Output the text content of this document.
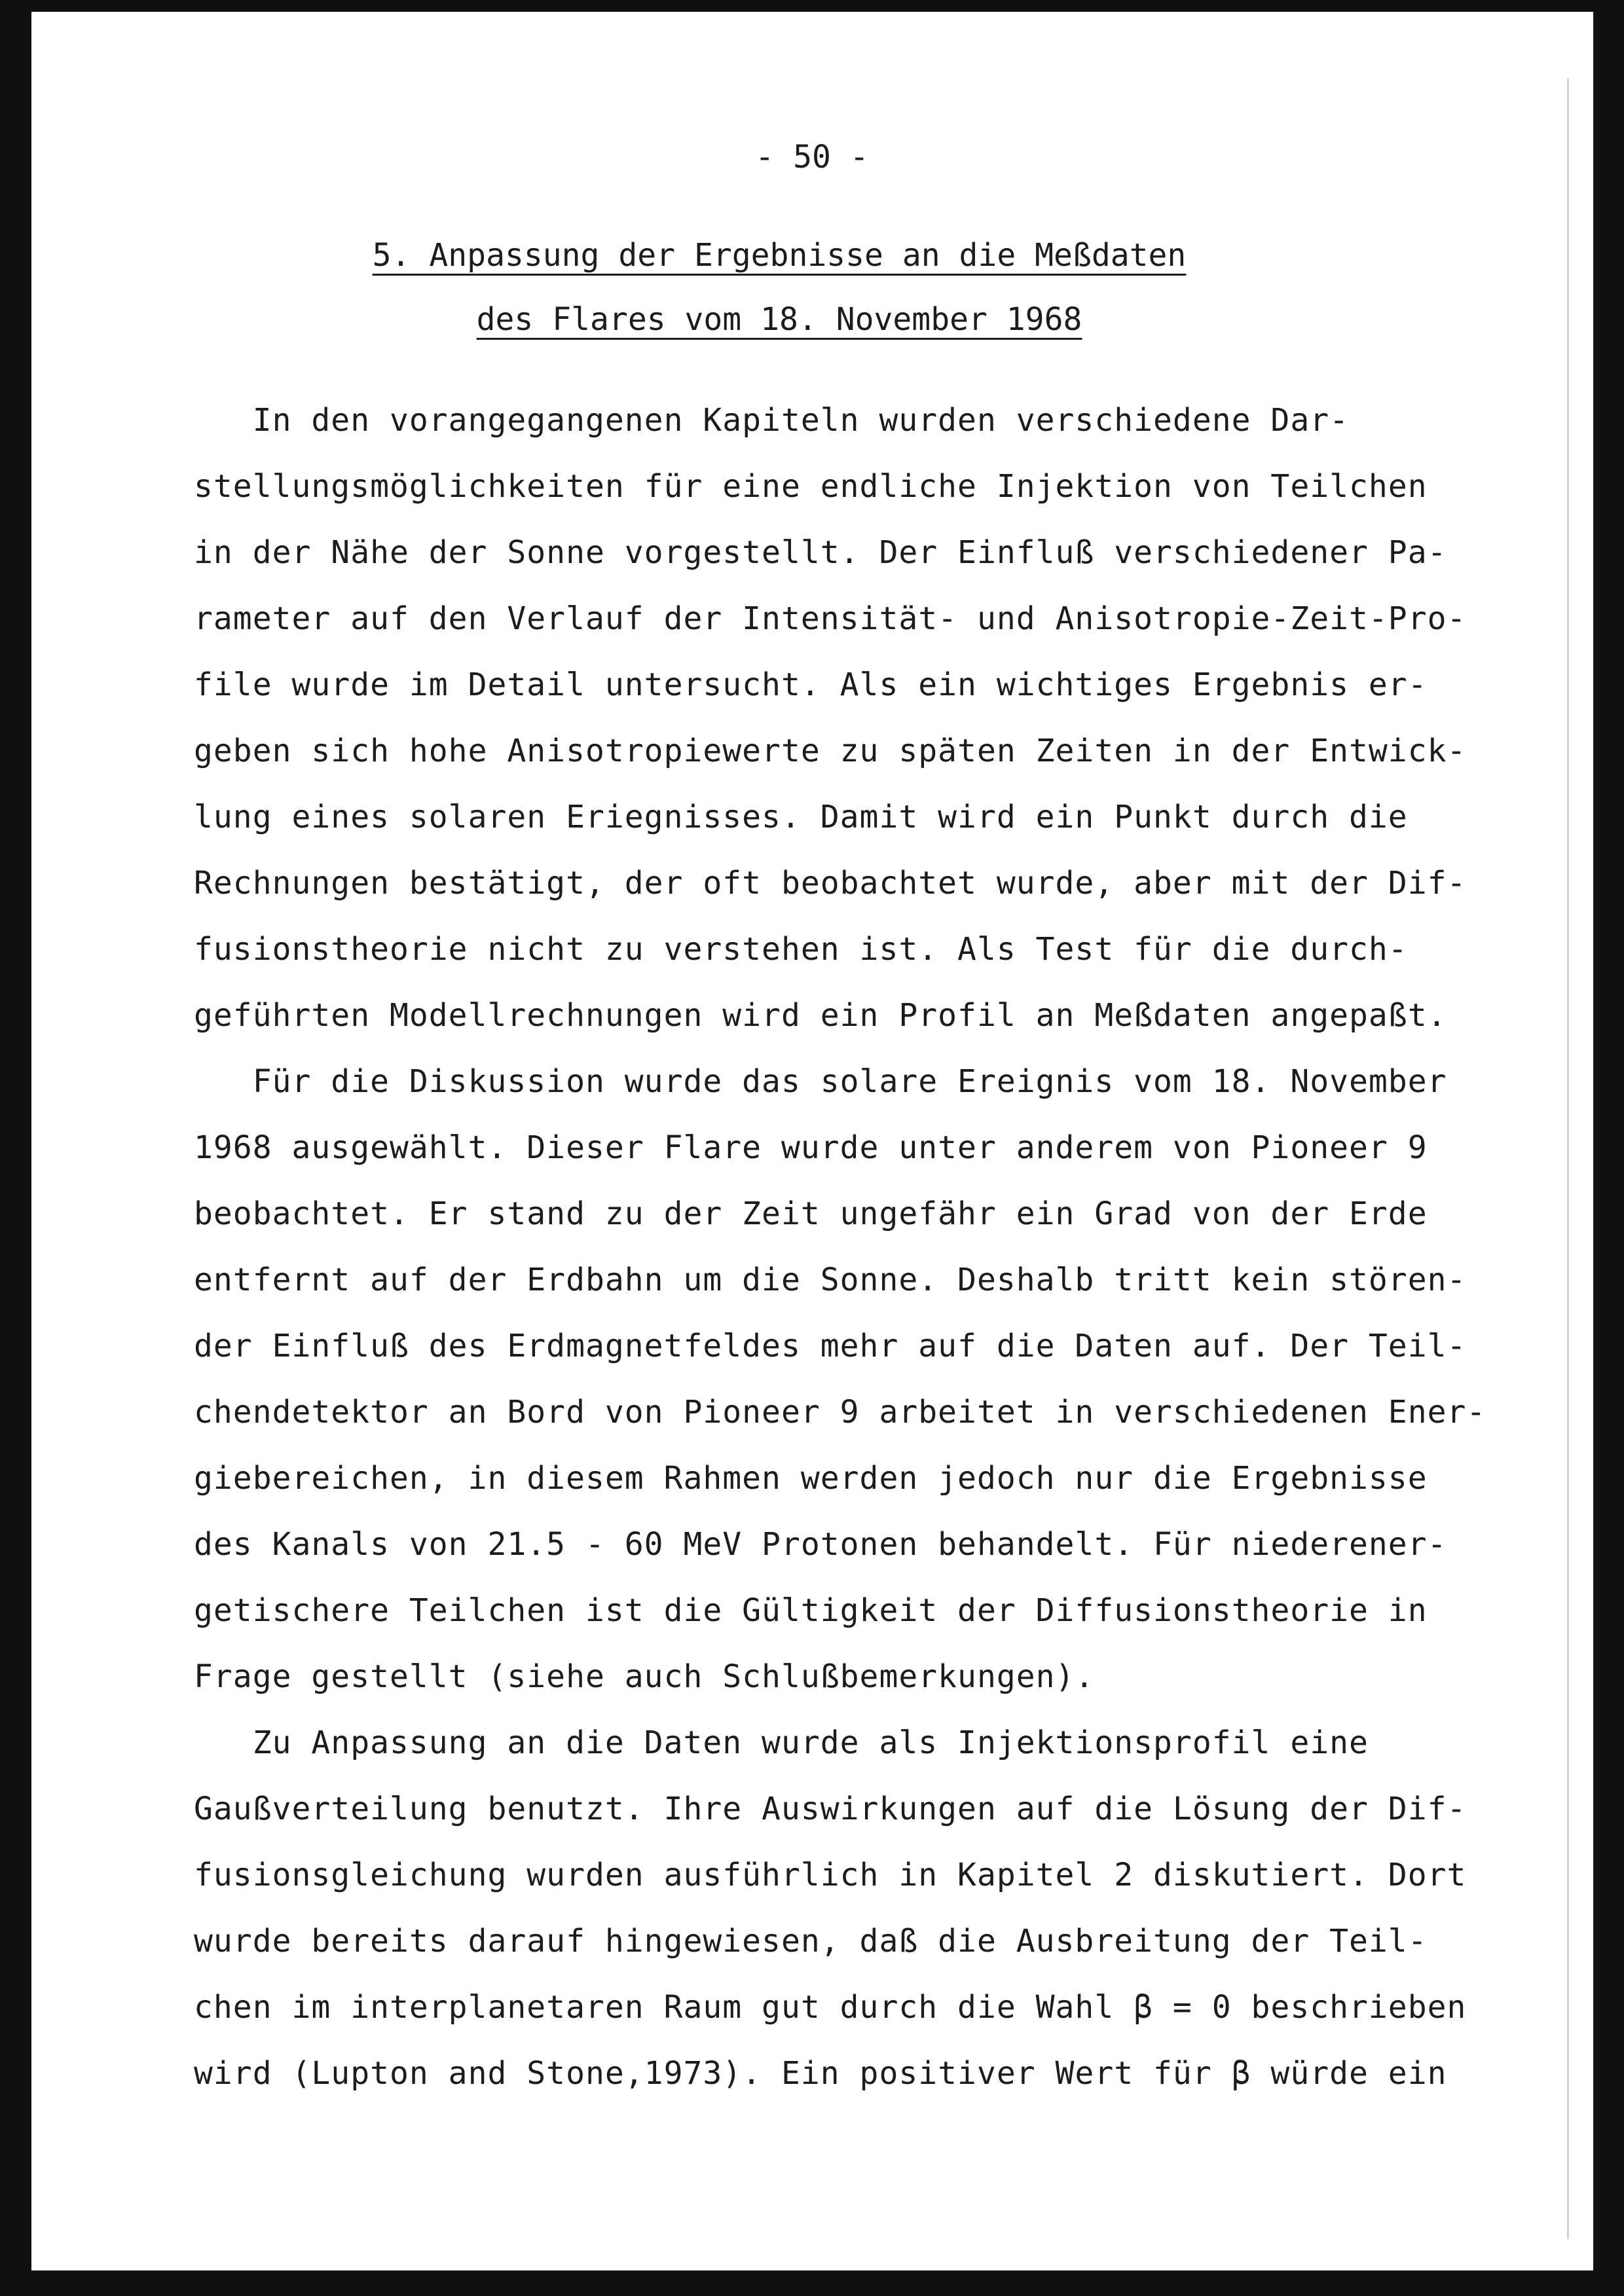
- 50 -

5. Anpassung der Ergebnisse an die Meßdaten

des Flares vom 18. November 1968

In den vorangegangenen Kapiteln wurden verschiedene Dar-

stellungsmöglichkeiten für eine endliche Injektion von Teilchen

in der Nähe der Sonne vorgestellt. Der Einfluß verschiedener Pa-

rameter auf den Verlauf der Intensität- und Anisotropie-Zeit-Pro-

file wurde im Detail untersucht. Als ein wichtiges Ergebnis er-

geben sich hohe Anisotropiewerte zu späten Zeiten in der Entwick-

lung eines solaren Eriegnisses. Damit wird ein Punkt durch die

Rechnungen bestätigt, der oft beobachtet wurde, aber mit der Dif-

fusionstheorie nicht zu verstehen ist. Als Test für die durch-

geführten Modellrechnungen wird ein Profil an Meßdaten angepaßt.

Für die Diskussion wurde das solare Ereignis vom 18. November

1968 ausgewählt. Dieser Flare wurde unter anderem von Pioneer 9

beobachtet. Er stand zu der Zeit ungefähr ein Grad von der Erde

entfernt auf der Erdbahn um die Sonne. Deshalb tritt kein stören-

der Einfluß des Erdmagnetfeldes mehr auf die Daten auf. Der Teil-

chendetektor an Bord von Pioneer 9 arbeitet in verschiedenen Ener-

giebereichen, in diesem Rahmen werden jedoch nur die Ergebnisse

des Kanals von 21.5 - 60 MeV Protonen behandelt. Für niederener-

getischere Teilchen ist die Gültigkeit der Diffusionstheorie in

Frage gestellt (siehe auch Schlußbemerkungen).

Zu Anpassung an die Daten wurde als Injektionsprofil eine

Gaußverteilung benutzt. Ihre Auswirkungen auf die Lösung der Dif-

fusionsgleichung wurden ausführlich in Kapitel 2 diskutiert. Dort

wurde bereits darauf hingewiesen, daß die Ausbreitung der Teil-

chen im interplanetaren Raum gut durch die Wahl β = 0 beschrieben

wird (Lupton and Stone,1973). Ein positiver Wert für β würde ein
